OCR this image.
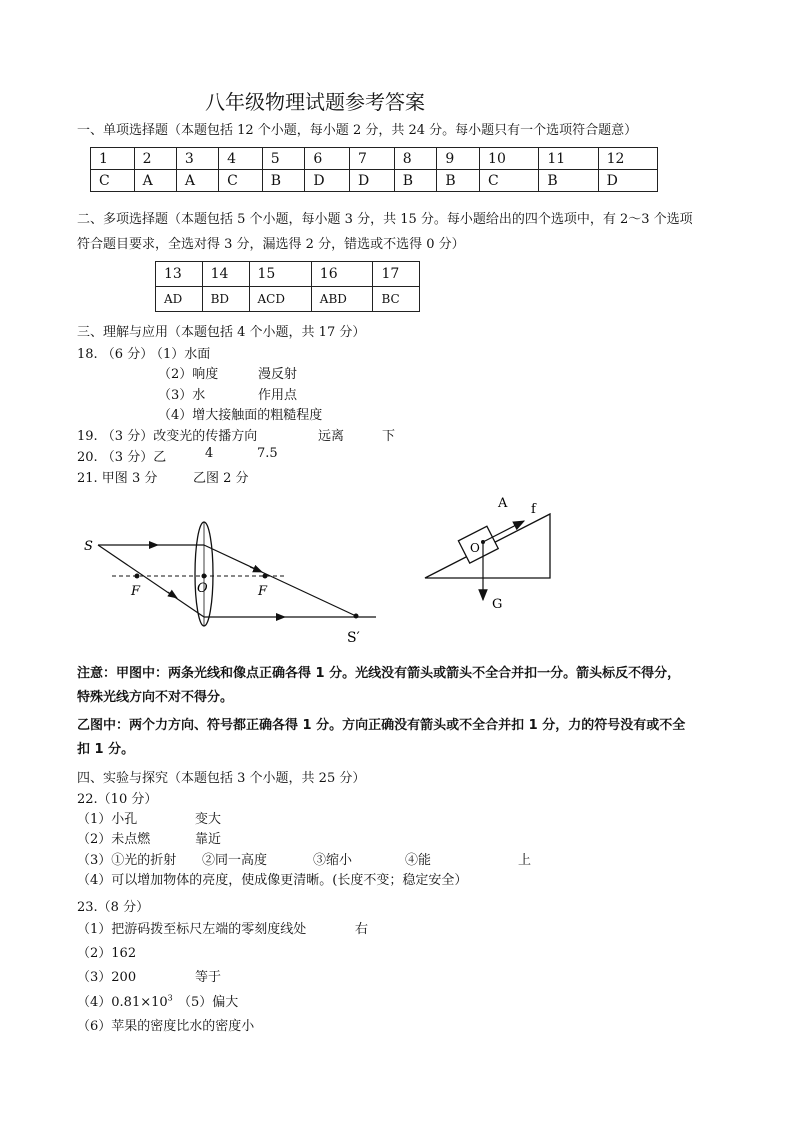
八年级物理试题参考答案
一、单项选择题（本题包括 12 个小题，每小题 2 分，共 24 分。每小题只有一个选项符合题意）
1	2	3	4	5	6	7	8	9	10	11	12
C	A	A	C	B	D	D	B	B	C	B	D
二、多项选择题（本题包括 5 个小题，每小题 3 分，共 15 分。每小题给出的四个选项中，有 2～3 个选项
符合题目要求，全选对得 3 分，漏选得 2 分，错选或不选得 0 分）
13	14	15	16	17
AD	BD	ACD	ABD	BC
三、理解与应用（本题包括 4 个小题，共 17 分）
18. （6 分）
（1）水面
（2）响度	漫反射
（3）水	作用点
（4）增大接触面的粗糙程度
19. （3 分）改变光的传播方向	远离	下
20. （3 分）乙	4	7.5
21. 甲图 3 分	乙图 2 分
S
F	O	F
S′
A f
O
G
注意：甲图中：两条光线和像点正确各得 1 分。光线没有箭头或箭头不全合并扣一分。箭头标反不得分，
特殊光线方向不对不得分。
乙图中：两个力方向、符号都正确各得 1 分。方向正确没有箭头或不全合并扣 1 分，力的符号没有或不全
扣 1 分。
四、实验与探究（本题包括 3 个小题，共 25 分）
22.（10 分）
（1）小孔	变大
（2）未点燃	靠近
（3）①光的折射 ②同一高度	③缩小	④能	上
（4）可以增加物体的亮度，使成像更清晰。(长度不变；稳定安全）
23.（8 分）
（1）把游码拨至标尺左端的零刻度线处	右
（2）162
（3）200	等于
$(4)0.81\times 10^3$ （5）偏大
（6）苹果的密度比水的密度小
